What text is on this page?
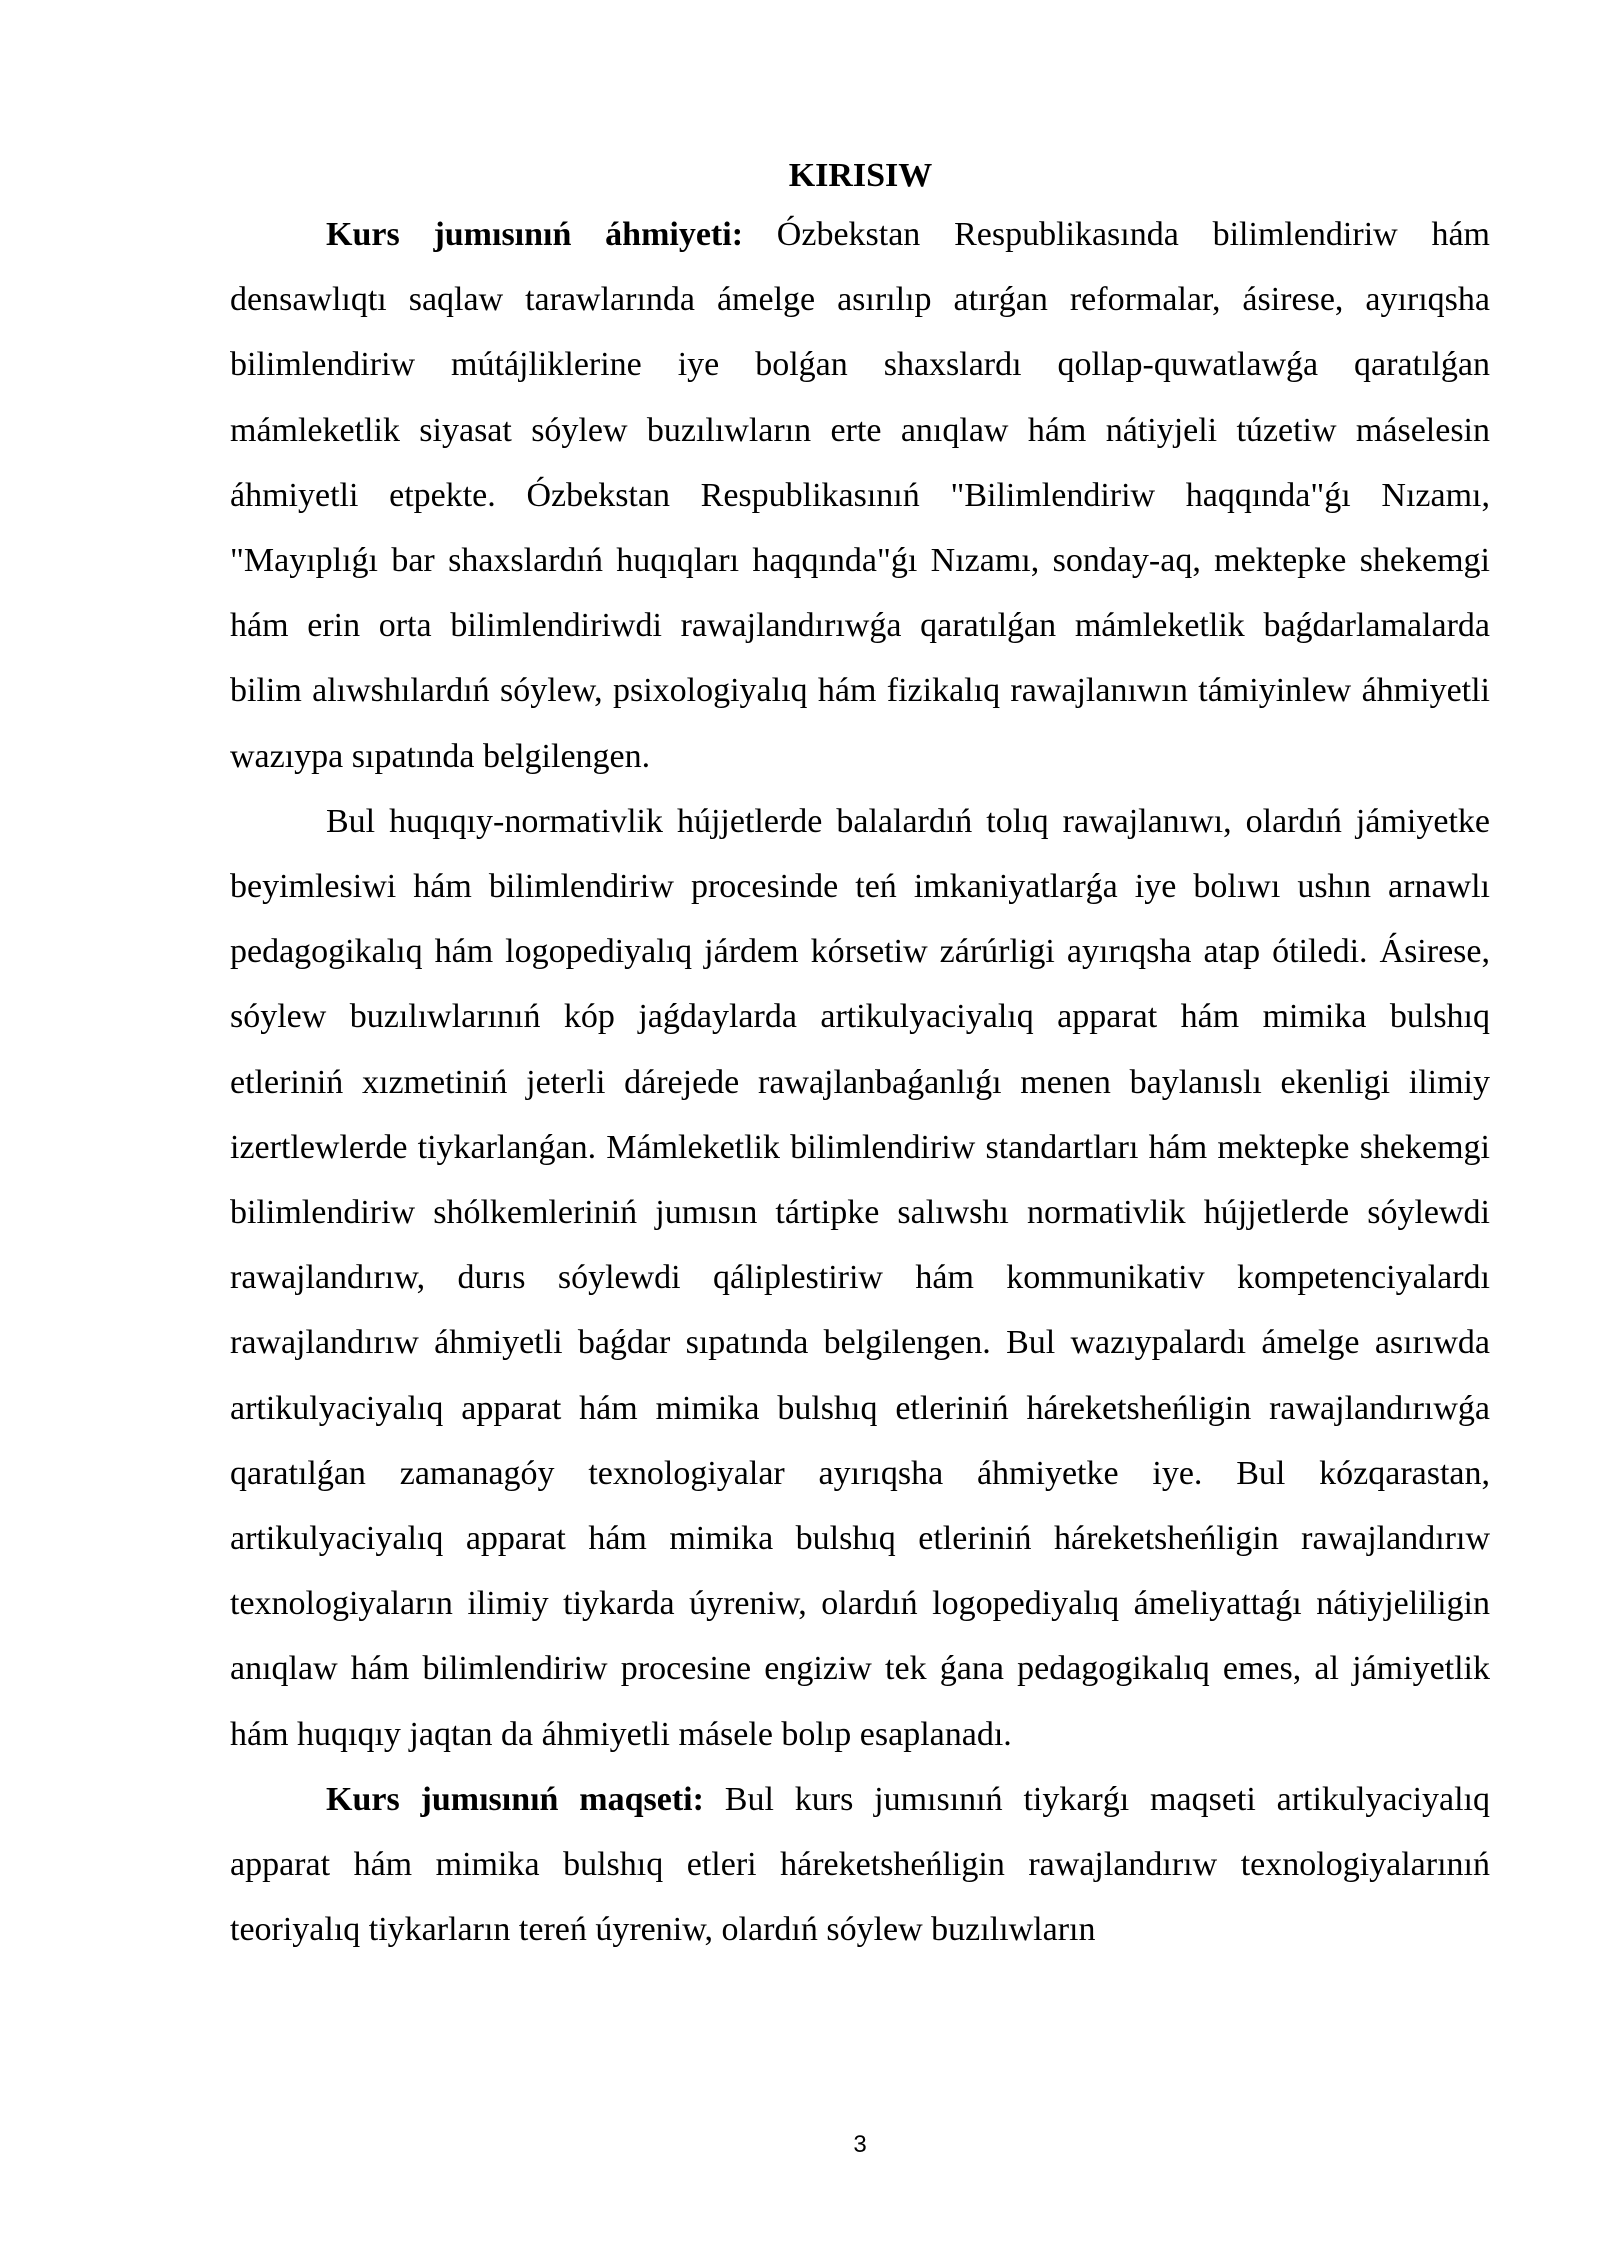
KIRISIW

Kurs jumısınıń áhmiyeti: Ózbekstan Respublikasında bilimlendiriw hám densawlıqtı saqlaw tarawlarında ámelge asırılıp atırǵan reformalar, ásirese, ayırıqsha bilimlendiriw mútájliklerine iye bolǵan shaxslardı qollap-quwatlawǵa qaratılǵan mámleketlik siyasat sóylew buzılıwların erte anıqlaw hám nátiyjeli túzetiw máselesin áhmiyetli etpekte. Ózbekstan Respublikasınıń "Bilimlendiriw haqqında"ǵı Nızamı, "Mayıplıǵı bar shaxslardıń huqıqları haqqında"ǵı Nızamı, sonday-aq, mektepke shekemgi hám erin orta bilimlendiriwdi rawajlandırıwǵa qaratılǵan mámleketlik baǵdarlamalarda bilim alıwshılardıń sóylew, psixologiyalıq hám fizikalıq rawajlanıwın támiyinlew áhmiyetli wazıypa sıpatında belgilengen.

Bul huqıqıy-normativlik hújjetlerde balalardıń tolıq rawajlanıwı, olardıń jámiyetke beyimlesiwi hám bilimlendiriw procesinde teń imkaniyatlarǵa iye bolıwı ushın arnawlı pedagogikalıq hám logopediyalıq járdem kórsetiw zárúrligi ayırıqsha atap ótiledi. Ásirese, sóylew buzılıwlarınıń kóp jaǵdaylarda artikulyaciyalıq apparat hám mimika bulshıq etleriniń xızmetiniń jeterli dárejede rawajlanbaǵanlıǵı menen baylanıslı ekenligi ilimiy izertlewlerde tiykarlanǵan. Mámleketlik bilimlendiriw standartları hám mektepke shekemgi bilimlendiriw shólkemleriniń jumısın tártipke salıwshı normativlik hújjetlerde sóylewdi rawajlandırıw, durıs sóylewdi qáliplestiriw hám kommunikativ kompetenciyalardı rawajlandırıw áhmiyetli baǵdar sıpatında belgilengen. Bul wazıypalardı ámelge asırıwda artikulyaciyalıq apparat hám mimika bulshıq etleriniń háreketsheńligin rawajlandırıwǵa qaratılǵan zamanagóy texnologiyalar ayırıqsha áhmiyetke iye. Bul kózqarastan, artikulyaciyalıq apparat hám mimika bulshıq etleriniń háreketsheńligin rawajlandırıw texnologiyaların ilimiy tiykarda úyreniw, olardıń logopediyalıq ámeliyattaǵı nátiyjeliligin anıqlaw hám bilimlendiriw procesine engiziw tek ǵana pedagogikalıq emes, al jámiyetlik hám huqıqıy jaqtan da áhmiyetli másele bolıp esaplanadı.

Kurs jumısınıń maqseti: Bul kurs jumısınıń tiykarǵı maqseti artikulyaciyalıq apparat hám mimika bulshıq etleri háreketsheńligin rawajlandırıw texnologiyalarınıń teoriyalıq tiykarların tereń úyreniw, olardıń sóylew buzılıwların

3
